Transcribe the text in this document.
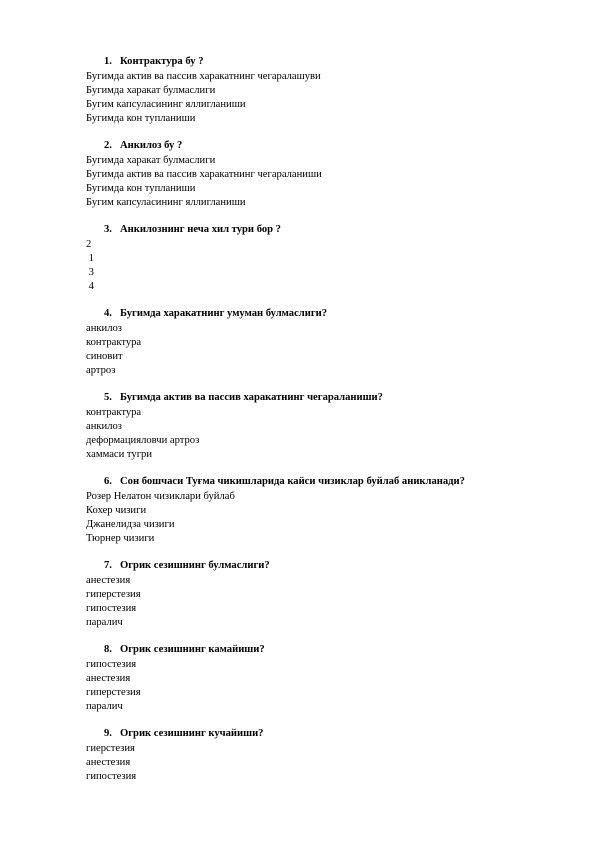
1. Контрактура бу ?
Бугимда актив ва пассив харакатнинг чегаралашуви
Бугимда харакат булмаслиги
Бугим капсуласининг яллигланиши
Бугимда кон тупланиши
2. Анкилоз бу ?
Бугимда харакат булмаслиги
Бугимда актив ва пассив харакатнинг чегараланиши
Бугимда кон тупланиши
Бугим капсуласининг яллигланиши
3. Анкилознинг неча хил тури бор ?
2
1
3
4
4. Бугимда харакатнинг умуман булмаслиги?
анкилоз
контрактура
синовит
артроз
5. Бугимда актив ва пассив харакатнинг чегараланиши?
контрактура
анкилоз
деформацияловчи артроз
хаммаси тугри
6. Сон бошчаси Туғма чикишларида кайси чизиклар буйлаб аникланади?
Розер Нелатон чизиклари буйлаб
Кохер чизиги
Джанелидза чизиги
Тюрнер чизиги
7. Огрик сезишнинг булмаслиги?
анестезия
гиперстезия
гипостезия
паралич
8. Огрик сезишнинг камайиши?
гипостезия
анестезия
гиперстезия
паралич
9. Огрик сезишнинг кучайиши?
гиерстезия
анестезия
гипостезия
